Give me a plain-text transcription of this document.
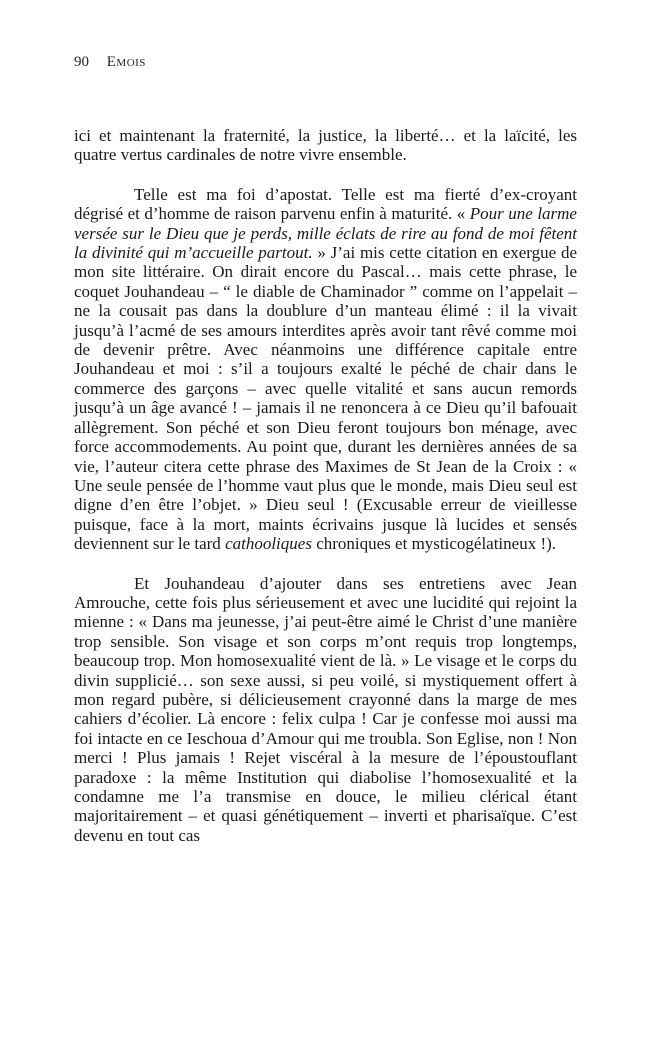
90 Emois

ici et maintenant la fraternité, la justice, la liberté… et la laïcité, les quatre vertus cardinales de notre vivre ensemble.

Telle est ma foi d’apostat. Telle est ma fierté d’ex-croyant dégrisé et d’homme de raison parvenu enfin à maturité. « Pour une larme versée sur le Dieu que je perds, mille éclats de rire au fond de moi fêtent la divinité qui m’accueille partout. » J’ai mis cette citation en exergue de mon site littéraire. On dirait encore du Pascal… mais cette phrase, le coquet Jouhandeau – “ le diable de Chaminador ” comme on l’appelait – ne la cousait pas dans la doublure d’un manteau élimé : il la vivait jusqu’à l’acmé de ses amours interdites après avoir tant rêvé comme moi de devenir prêtre. Avec néanmoins une différence capitale entre Jouhandeau et moi : s’il a toujours exalté le péché de chair dans le commerce des garçons – avec quelle vitalité et sans aucun remords jusqu’à un âge avancé ! – jamais il ne renoncera à ce Dieu qu’il bafouait allègrement. Son péché et son Dieu feront toujours bon ménage, avec force accommodements. Au point que, durant les dernières années de sa vie, l’auteur citera cette phrase des Maximes de St Jean de la Croix : « Une seule pensée de l’homme vaut plus que le monde, mais Dieu seul est digne d’en être l’objet. » Dieu seul ! (Excusable erreur de vieillesse puisque, face à la mort, maints écrivains jusque là lucides et sensés deviennent sur le tard cathooliques chroniques et mysticogélatineux !).

Et Jouhandeau d’ajouter dans ses entretiens avec Jean Amrouche, cette fois plus sérieusement et avec une lucidité qui rejoint la mienne : « Dans ma jeunesse, j’ai peut-être aimé le Christ d’une manière trop sensible. Son visage et son corps m’ont requis trop longtemps, beaucoup trop. Mon homosexualité vient de là. » Le visage et le corps du divin supplicié… son sexe aussi, si peu voilé, si mystiquement offert à mon regard pubère, si délicieusement crayonné dans la marge de mes cahiers d’écolier. Là encore : felix culpa ! Car je confesse moi aussi ma foi intacte en ce Ieschoua d’Amour qui me troubla. Son Eglise, non ! Non merci ! Plus jamais ! Rejet viscéral à la mesure de l’époustouflant paradoxe : la même Institution qui diabolise l’homosexualité et la condamne me l’a transmise en douce, le milieu clérical étant majoritairement – et quasi génétiquement – inverti et pharisaïque. C’est devenu en tout cas
